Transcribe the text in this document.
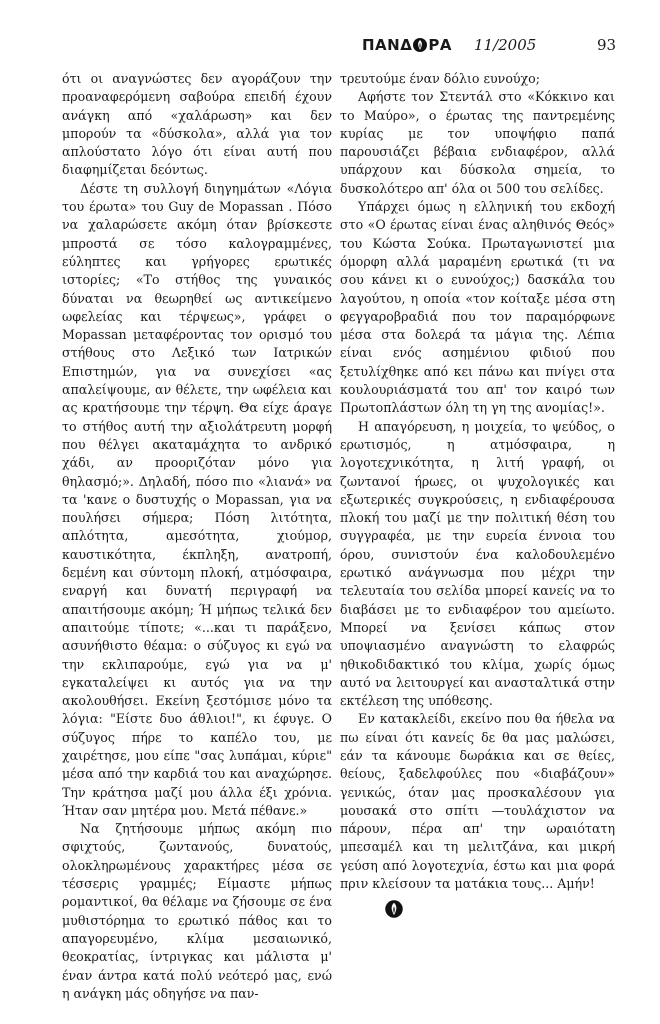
ΠΑΝΔ ΡΑ 11/2005	93

ότι οι αναγνώστες δεν αγοράζουν την προαναφερόμενη σαβούρα επειδή έχουν ανάγκη από «χαλάρωση» και δεν μπορούν τα «δύσκολα», αλλά για τον απλούστατο λόγο ότι είναι αυτή που διαφημίζεται δεόντως.

Δέστε τη συλλογή διηγημάτων «Λόγια του έρωτα» του Guy de Mopassan . Πόσο να χαλαρώσετε ακόμη όταν βρίσκεστε μπροστά σε τόσο καλογραμμένες, εύληπτες και γρήγορες ερωτικές ιστορίες; «Το στήθος της γυναικός δύναται να θεωρηθεί ως αντικείμενο ωφελείας και τέρψεως», γράφει ο Mopassan μεταφέροντας τον ορισμό του στήθους στο Λεξικό των Ιατρικών Επιστημών, για να συνεχίσει «ας απαλείψουμε, αν θέλετε, την ωφέλεια και ας κρατήσουμε την τέρψη. Θα είχε άραγε το στήθος αυτή την αξιολάτρευτη μορφή που θέλγει ακαταμάχητα το ανδρικό χάδι, αν προοριζόταν μόνο για θηλασμό;». Δηλαδή, πόσο πιο «λιανά» να τα 'κανε ο δυστυχής ο Mopassan, για να πουλήσει σήμερα; Πόση λιτότητα, απλότητα, αμεσότητα, χιούμορ, καυστικότητα, έκπληξη, ανατροπή, δεμένη και σύντομη πλοκή, ατμόσφαιρα, εναργή και δυνατή περιγραφή να απαιτήσουμε ακόμη; Ή μήπως τελικά δεν απαιτούμε τίποτε; «...και τι παράξενο, ασυνήθιστο θέαμα: ο σύζυγος κι εγώ να την εκλιπαρούμε, εγώ για να μ' εγκαταλείψει κι αυτός για να την ακολουθήσει. Εκείνη ξεστόμισε μόνο τα λόγια: "Είστε δυο άθλιοι!", κι έφυγε. Ο σύζυγος πήρε το καπέλο του, με χαιρέτησε, μου είπε "σας λυπάμαι, κύριε" μέσα από την καρδιά του και αναχώρησε. Την κράτησα μαζί μου άλλα έξι χρόνια. Ήταν σαν μητέρα μου. Μετά πέθανε.»

Να ζητήσουμε μήπως ακόμη πιο σφιχτούς, ζωντανούς, δυνατούς, ολοκληρωμένους χαρακτήρες μέσα σε τέσσερις γραμμές; Είμαστε μήπως ρομαντικοί, θα θέλαμε να ζήσουμε σε ένα μυθιστόρημα το ερωτικό πάθος και το απαγορευμένο, κλίμα μεσαιωνικό, θεοκρατίας, ίντριγκας και μάλιστα μ' έναν άντρα κατά πολύ νεότερό μας, ενώ η ανάγκη μάς οδηγήσε να παν-

τρευτούμε έναν δόλιο ευνούχο;

Αφήστε τον Στεντάλ στο «Κόκκινο και το Μαύρο», ο έρωτας της παντρεμένης κυρίας με τον υποψήφιο παπά παρουσιάζει βέβαια ενδιαφέρον, αλλά υπάρχουν και δύσκολα σημεία, το δυσκολότερο απ' όλα οι 500 του σελίδες.

Υπάρχει όμως η ελληνική του εκδοχή στο «Ο έρωτας είναι ένας αληθινός Θεός» του Κώστα Σούκα. Πρωταγωνιστεί μια όμορφη αλλά μαραμένη ερωτικά (τι να σου κάνει κι ο ευνούχος;) δασκάλα του λαγούτου, η οποία «τον κοίταξε μέσα στη φεγγαροβραδιά που τον παραμόρφωνε μέσα στα δολερά τα μάγια της. Λέπια είναι ενός ασημένιου φιδιού που ξετυλίχθηκε από κει πάνω και πνίγει στα κουλουριάσματά του απ' τον καιρό των Πρωτοπλάστων όλη τη γη της ανομίας!».

Η απαγόρευση, η μοιχεία, το ψεύδος, ο ερωτισμός, η ατμόσφαιρα, η λογοτεχνικότητα, η λιτή γραφή, οι ζωντανοί ήρωες, οι ψυχολογικές και εξωτερικές συγκρούσεις, η ενδιαφέρουσα πλοκή του μαζί με την πολιτική θέση του συγγραφέα, με την ευρεία έννοια του όρου, συνιστούν ένα καλοδουλεμένο ερωτικό ανάγνωσμα που μέχρι την τελευταία του σελίδα μπορεί κανείς να το διαβάσει με το ενδιαφέρον του αμείωτο. Μπορεί να ξενίσει κάπως στον υποψιασμένο αναγνώστη το ελαφρώς ηθικοδιδακτικό του κλίμα, χωρίς όμως αυτό να λειτουργεί και ανασταλτικά στην εκτέλεση της υπόθεσης.

Εν κατακλείδι, εκείνο που θα ήθελα να πω είναι ότι κανείς δε θα μας μαλώσει, εάν τα κάνουμε δωράκια και σε θείες, θείους, ξαδελφούλες που «διαβάζουν» γενικώς, όταν μας προσκαλέσουν για μουσακά στο σπίτι —τουλάχιστον να πάρουν, πέρα απ' την ωραιότατη μπεσαμέλ και τη μελιτζάνα, και μικρή γεύση από λογοτεχνία, έστω και μια φορά πριν κλείσουν τα ματάκια τους... Αμήν!
